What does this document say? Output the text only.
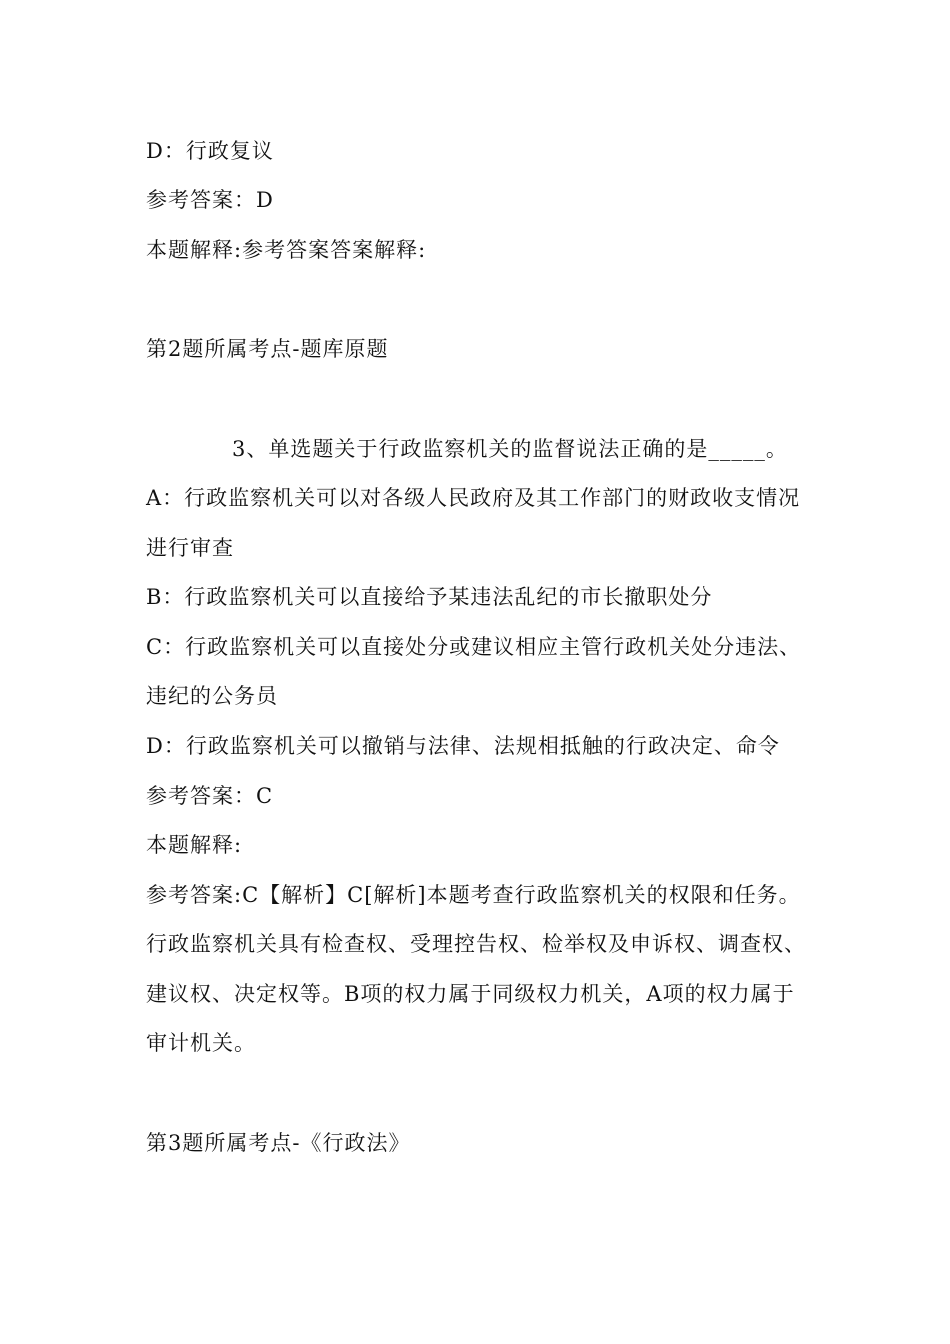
D：行政复议

参考答案：D

本题解释:参考答案答案解释:

第2题所属考点-题库原题

3、单选题关于行政监察机关的监督说法正确的是_____。

A：行政监察机关可以对各级人民政府及其工作部门的财政收支情况

进行审查

B：行政监察机关可以直接给予某违法乱纪的市长撤职处分

C：行政监察机关可以直接处分或建议相应主管行政机关处分违法、

违纪的公务员

D：行政监察机关可以撤销与法律、法规相抵触的行政决定、命令

参考答案：C

本题解释:

参考答案:C【解析】C[解析]本题考查行政监察机关的权限和任务。

行政监察机关具有检查权、受理控告权、检举权及申诉权、调查权、

建议权、决定权等。B项的权力属于同级权力机关，A项的权力属于

审计机关。

第3题所属考点-《行政法》
